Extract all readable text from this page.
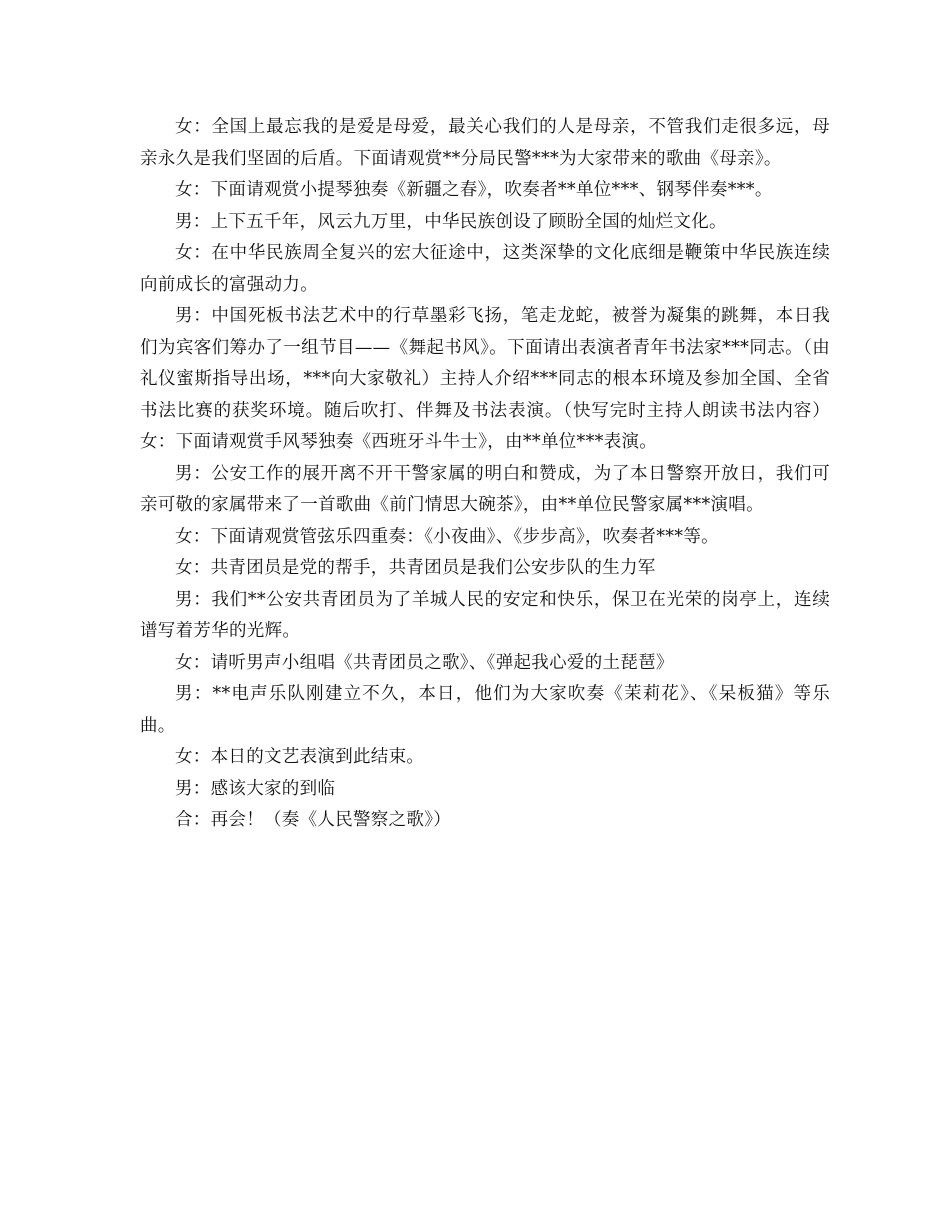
女：全国上最忘我的是爱是母爱，最关心我们的人是母亲，不管我们走很多远，母亲永久是我们坚固的后盾。下面请观赏**分局民警***为大家带来的歌曲《母亲》。

女：下面请观赏小提琴独奏《新疆之春》，吹奏者**单位***、钢琴伴奏***。

男：上下五千年，风云九万里，中华民族创设了顾盼全国的灿烂文化。

女：在中华民族周全复兴的宏大征途中，这类深挚的文化底细是鞭策中华民族连续向前成长的富强动力。

男：中国死板书法艺术中的行草墨彩飞扬，笔走龙蛇，被誉为凝集的跳舞，本日我们为宾客们筹办了一组节目——《舞起书风》。下面请出表演者青年书法家***同志。（由礼仪蜜斯指导出场，***向大家敬礼）主持人介绍***同志的根本环境及参加全国、全省书法比赛的获奖环境。随后吹打、伴舞及书法表演。（快写完时主持人朗读书法内容）女：下面请观赏手风琴独奏《西班牙斗牛士》，由**单位***表演。

男：公安工作的展开离不开干警家属的明白和赞成，为了本日警察开放日，我们可亲可敬的家属带来了一首歌曲《前门情思大碗茶》，由**单位民警家属***演唱。

女：下面请观赏管弦乐四重奏：《小夜曲》、《步步高》，吹奏者***等。

女：共青团员是党的帮手，共青团员是我们公安步队的生力军

男：我们**公安共青团员为了羊城人民的安定和快乐，保卫在光荣的岗亭上，连续谱写着芳华的光辉。

女：请听男声小组唱《共青团员之歌》、《弹起我心爱的土琵琶》

男：**电声乐队刚建立不久，本日，他们为大家吹奏《茉莉花》、《呆板猫》等乐曲。

女：本日的文艺表演到此结束。

男：感该大家的到临

合：再会！（奏《人民警察之歌》）
